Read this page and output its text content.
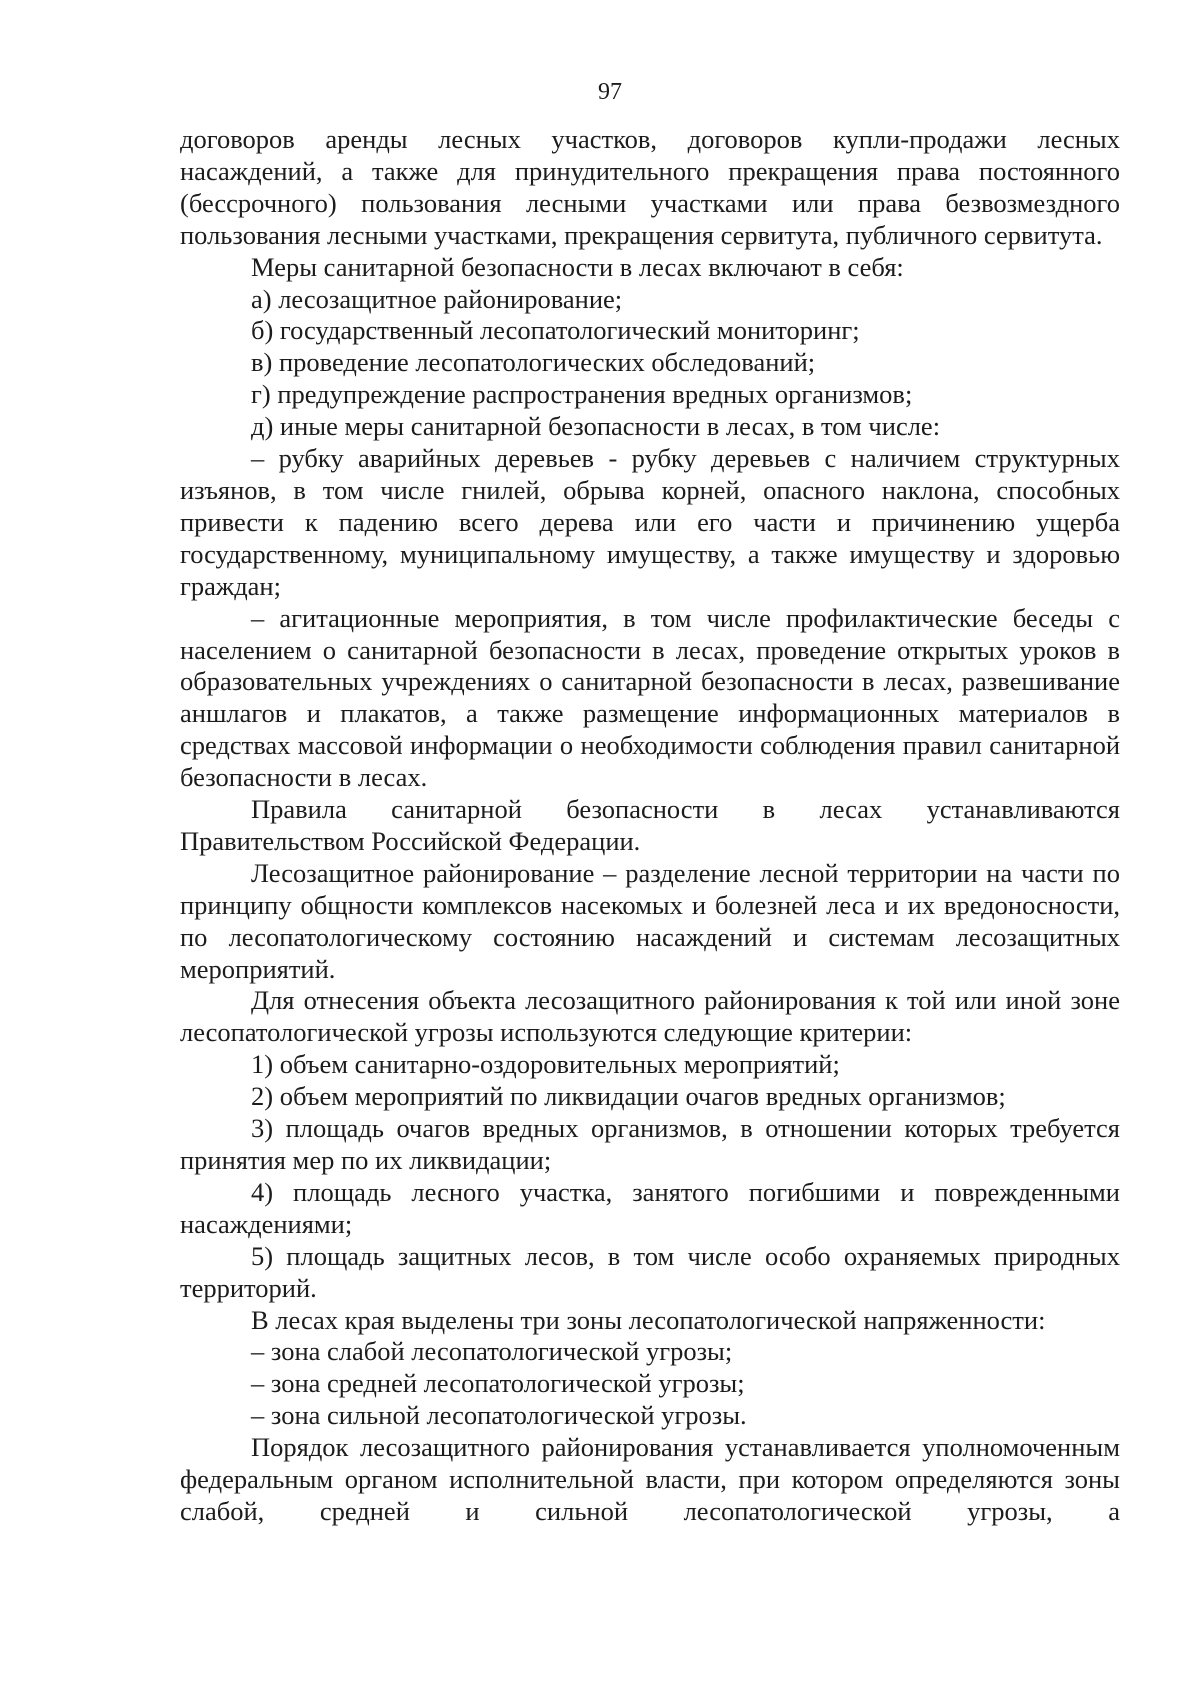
97

договоров аренды лесных участков, договоров купли-продажи лесных насаждений, а также для принудительного прекращения права постоянного (бессрочного) пользования лесными участками или права безвозмездного пользования лесными участками, прекращения сервитута, публичного сервитута.

Меры санитарной безопасности в лесах включают в себя:

а) лесозащитное районирование;

б) государственный лесопатологический мониторинг;

в) проведение лесопатологических обследований;

г) предупреждение распространения вредных организмов;

д) иные меры санитарной безопасности в лесах, в том числе:

– рубку аварийных деревьев - рубку деревьев с наличием структурных изъянов, в том числе гнилей, обрыва корней, опасного наклона, способных привести к падению всего дерева или его части и причинению ущерба государственному, муниципальному имуществу, а также имуществу и здоровью граждан;

– агитационные мероприятия, в том числе профилактические беседы с населением о санитарной безопасности в лесах, проведение открытых уроков в образовательных учреждениях о санитарной безопасности в лесах, развешивание аншлагов и плакатов, а также размещение информационных материалов в средствах массовой информации о необходимости соблюдения правил санитарной безопасности в лесах.

Правила санитарной безопасности в лесах устанавливаются Правительством Российской Федерации.

Лесозащитное районирование – разделение лесной территории на части по принципу общности комплексов насекомых и болезней леса и их вредоносности, по лесопатологическому состоянию насаждений и системам лесозащитных мероприятий.

Для отнесения объекта лесозащитного районирования к той или иной зоне лесопатологической угрозы используются следующие критерии:

1) объем санитарно-оздоровительных мероприятий;

2) объем мероприятий по ликвидации очагов вредных организмов;

3) площадь очагов вредных организмов, в отношении которых требуется принятия мер по их ликвидации;

4) площадь лесного участка, занятого погибшими и поврежденными насаждениями;

5) площадь защитных лесов, в том числе особо охраняемых природных территорий.

В лесах края выделены три зоны лесопатологической напряженности:

– зона слабой лесопатологической угрозы;

– зона средней лесопатологической угрозы;

– зона сильной лесопатологической угрозы.

Порядок лесозащитного районирования устанавливается уполномоченным федеральным органом исполнительной власти, при котором определяются зоны слабой, средней и сильной лесопатологической угрозы, а
